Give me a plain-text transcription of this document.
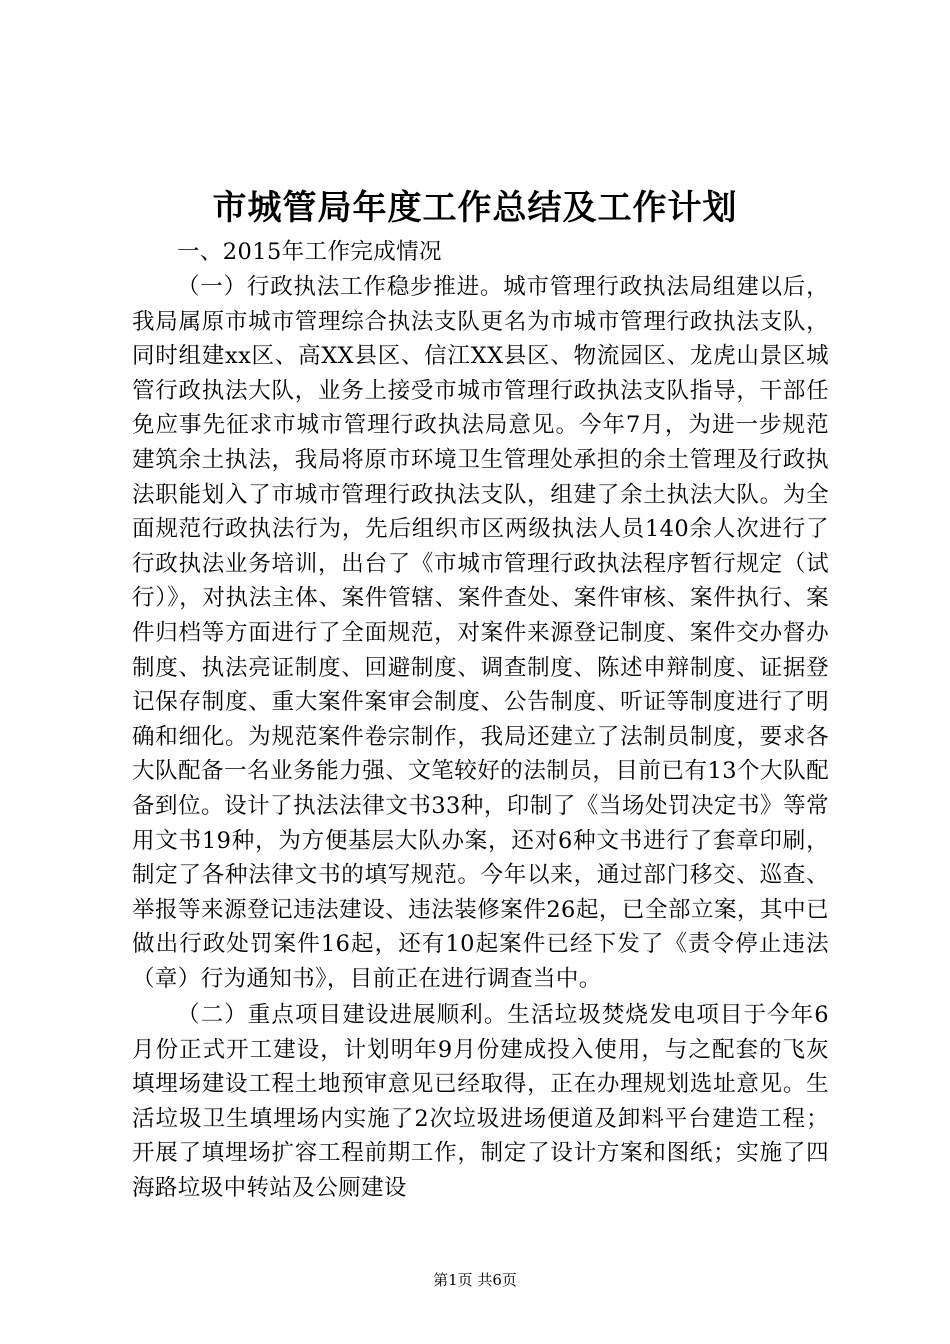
市城管局年度工作总结及工作计划
一、2015年工作完成情况
（一）行政执法工作稳步推进。城市管理行政执法局组建以后，我局属原市城市管理综合执法支队更名为市城市管理行政执法支队，同时组建xx区、高XX县区、信江XX县区、物流园区、龙虎山景区城管行政执法大队，业务上接受市城市管理行政执法支队指导，干部任免应事先征求市城市管理行政执法局意见。今年7月，为进一步规范建筑余土执法，我局将原市环境卫生管理处承担的余土管理及行政执法职能划入了市城市管理行政执法支队，组建了余土执法大队。为全面规范行政执法行为，先后组织市区两级执法人员140余人次进行了行政执法业务培训，出台了《市城市管理行政执法程序暂行规定（试行）》，对执法主体、案件管辖、案件查处、案件审核、案件执行、案件归档等方面进行了全面规范，对案件来源登记制度、案件交办督办制度、执法亮证制度、回避制度、调查制度、陈述申辩制度、证据登记保存制度、重大案件案审会制度、公告制度、听证等制度进行了明确和细化。为规范案件卷宗制作，我局还建立了法制员制度，要求各大队配备一名业务能力强、文笔较好的法制员，目前已有13个大队配备到位。设计了执法法律文书33种，印制了《当场处罚决定书》等常用文书19种，为方便基层大队办案，还对6种文书进行了套章印刷，制定了各种法律文书的填写规范。今年以来，通过部门移交、巡查、举报等来源登记违法建设、违法装修案件26起，已全部立案，其中已做出行政处罚案件16起，还有10起案件已经下发了《责令停止违法（章）行为通知书》，目前正在进行调查当中。
（二）重点项目建设进展顺利。生活垃圾焚烧发电项目于今年6月份正式开工建设，计划明年9月份建成投入使用，与之配套的飞灰填埋场建设工程土地预审意见已经取得，正在办理规划选址意见。生活垃圾卫生填埋场内实施了2次垃圾进场便道及卸料平台建造工程；开展了填埋场扩容工程前期工作，制定了设计方案和图纸；实施了四海路垃圾中转站及公厕建设
第1页 共6页
